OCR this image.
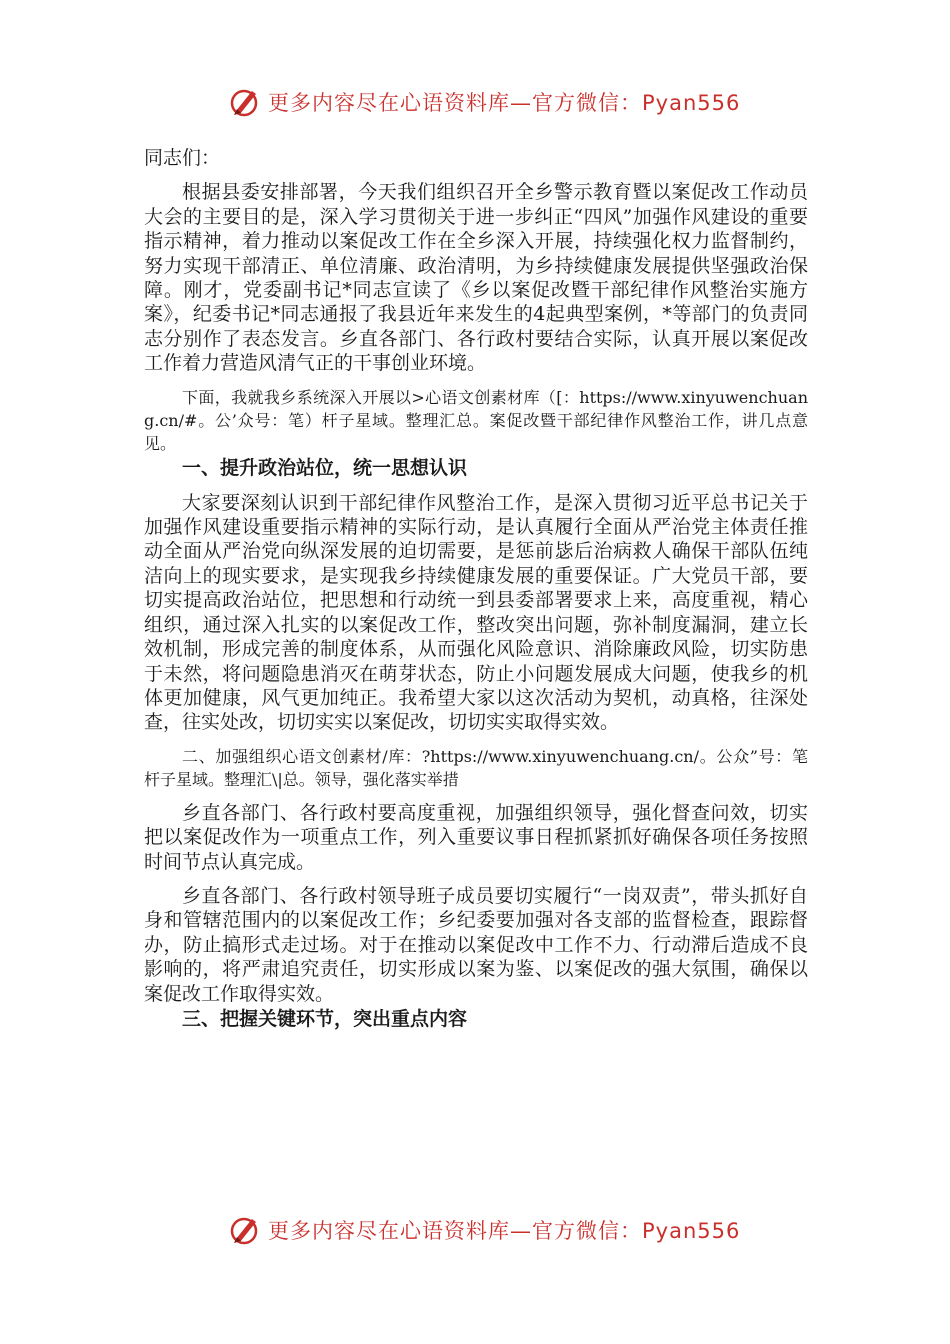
更多内容尽在心语资料库—官方微信：Pyan556

同志们：

根据县委安排部署，今天我们组织召开全乡警示教育暨以案促改工作动员大会的主要目的是，深入学习贯彻关于进一步纠正“四风”加强作风建设的重要指示精神，着力推动以案促改工作在全乡深入开展，持续强化权力监督制约，努力实现干部清正、单位清廉、政治清明，为乡持续健康发展提供坚强政治保障。刚才，党委副书记*同志宣读了《乡以案促改暨干部纪律作风整治实施方案》，纪委书记*同志通报了我县近年来发生的4起典型案例，*等部门的负责同志分别作了表态发言。乡直各部门、各行政村要结合实际，认真开展以案促改工作着力营造风清气正的干事创业环境。

下面，我就我乡系统深入开展以>心语文创素材库（[：https://www.xinyuwenchuang.cn/#。公’众号：笔）杆子星域。整理汇总。案促改暨干部纪律作风整治工作，讲几点意见。

一、提升政治站位，统一思想认识

大家要深刻认识到干部纪律作风整治工作，是深入贯彻习近平总书记关于加强作风建设重要指示精神的实际行动，是认真履行全面从严治党主体责任推动全面从严治党向纵深发展的迫切需要，是惩前毖后治病救人确保干部队伍纯洁向上的现实要求，是实现我乡持续健康发展的重要保证。广大党员干部，要切实提高政治站位，把思想和行动统一到县委部署要求上来，高度重视，精心组织，通过深入扎实的以案促改工作，整改突出问题，弥补制度漏洞，建立长效机制，形成完善的制度体系，从而强化风险意识、消除廉政风险，切实防患于未然，将问题隐患消灭在萌芽状态，防止小问题发展成大问题，使我乡的机体更加健康，风气更加纯正。我希望大家以这次活动为契机，动真格，往深处查，往实处改，切切实实以案促改，切切实实取得实效。

二、加强组织心语文创素材/库：?https://www.xinyuwenchuang.cn/。公众”号：笔杆子星域。整理汇\|总。领导，强化落实举措

乡直各部门、各行政村要高度重视，加强组织领导，强化督查问效，切实把以案促改作为一项重点工作，列入重要议事日程抓紧抓好确保各项任务按照时间节点认真完成。

乡直各部门、各行政村领导班子成员要切实履行“一岗双责”，带头抓好自身和管辖范围内的以案促改工作；乡纪委要加强对各支部的监督检查，跟踪督办，防止搞形式走过场。对于在推动以案促改中工作不力、行动滞后造成不良影响的，将严肃追究责任，切实形成以案为鉴、以案促改的强大氛围，确保以案促改工作取得实效。

三、把握关键环节，突出重点内容

更多内容尽在心语资料库—官方微信：Pyan556
